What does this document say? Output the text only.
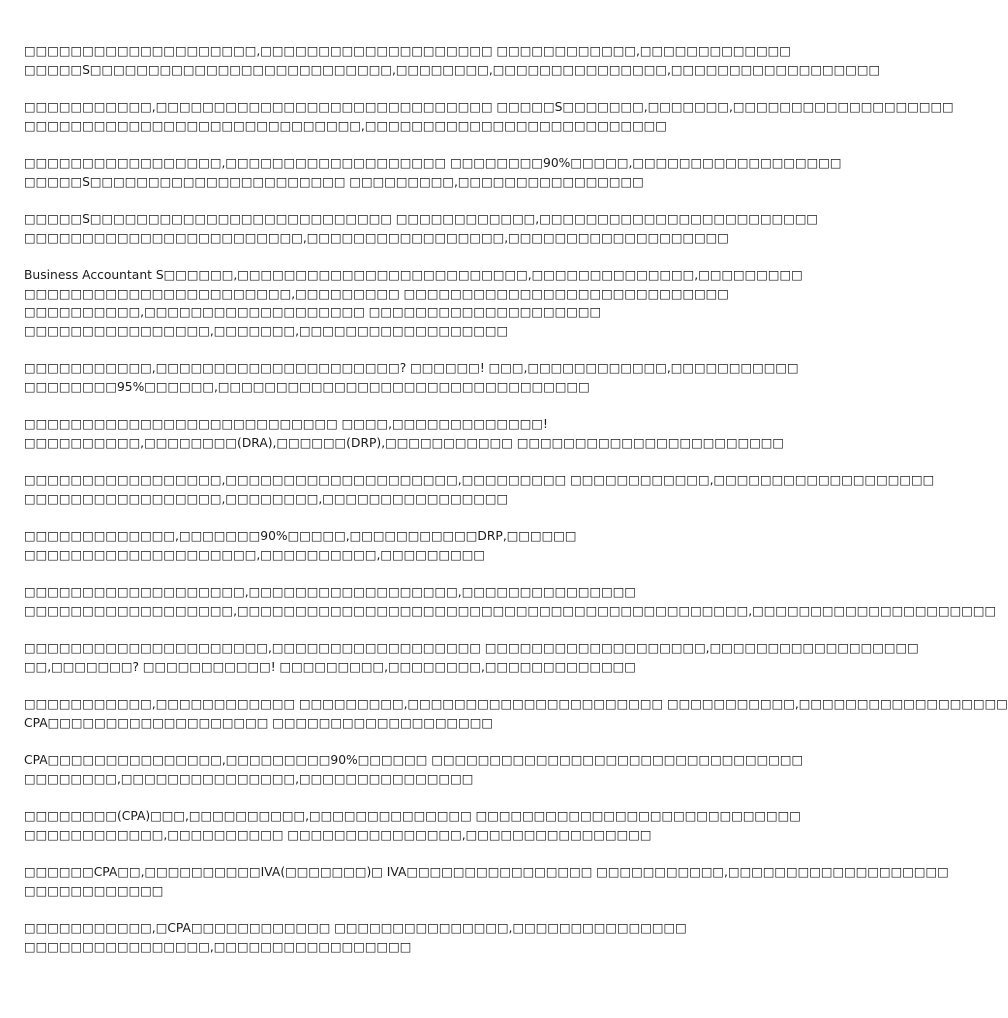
□□□□□□□□□□□□□□□□□□□□,□□□□□□□□□□□□□□□□□□□□ □□□□□□□□□□□□,□□□□□□□□□□□□□
□□□□□S□□□□□□□□□□□□□□□□□□□□□□□□□□,□□□□□□□□,□□□□□□□□□□□□□□□,□□□□□□□□□□□□□□□□□□

□□□□□□□□□□□,□□□□□□□□□□□□□□□□□□□□□□□□□□□□□ □□□□□S□□□□□□□,□□□□□□□,□□□□□□□□□□□□□□□□□□□
□□□□□□□□□□□□□□□□□□□□□□□□□□□□□,□□□□□□□□□□□□□□□□□□□□□□□□□□

□□□□□□□□□□□□□□□□□,□□□□□□□□□□□□□□□□□□□ □□□□□□□□90%□□□□□,□□□□□□□□□□□□□□□□□□
□□□□□S□□□□□□□□□□□□□□□□□□□□□□ □□□□□□□□□,□□□□□□□□□□□□□□□□

□□□□□S□□□□□□□□□□□□□□□□□□□□□□□□□□ □□□□□□□□□□□□,□□□□□□□□□□□□□□□□□□□□□□□□
□□□□□□□□□□□□□□□□□□□□□□□□,□□□□□□□□□□□□□□□□□,□□□□□□□□□□□□□□□□□□□

Business Accountant S□□□□□□,□□□□□□□□□□□□□□□□□□□□□□□□□,□□□□□□□□□□□□□□,□□□□□□□□□
□□□□□□□□□□□□□□□□□□□□□□□,□□□□□□□□□ □□□□□□□□□□□□□□□□□□□□□□□□□□□□
□□□□□□□□□□,□□□□□□□□□□□□□□□□□□□ □□□□□□□□□□□□□□□□□□□□
□□□□□□□□□□□□□□□□,□□□□□□□,□□□□□□□□□□□□□□□□□□

□□□□□□□□□□□,□□□□□□□□□□□□□□□□□□□□□? □□□□□□! □□□,□□□□□□□□□□□□,□□□□□□□□□□□
□□□□□□□□95%□□□□□□,□□□□□□□□□□□□□□□□□□□□□□□□□□□□□□□□

□□□□□□□□□□□□□□□□□□□□□□□□□□□ □□□□,□□□□□□□□□□□□□!
□□□□□□□□□□,□□□□□□□□(DRA),□□□□□□(DRP),□□□□□□□□□□□ □□□□□□□□□□□□□□□□□□□□□□□

□□□□□□□□□□□□□□□□□,□□□□□□□□□□□□□□□□□□□□,□□□□□□□□□ □□□□□□□□□□□□,□□□□□□□□□□□□□□□□□□□
□□□□□□□□□□□□□□□□□,□□□□□□□□,□□□□□□□□□□□□□□□□

□□□□□□□□□□□□□,□□□□□□□90%□□□□□,□□□□□□□□□□□DRP,□□□□□□
□□□□□□□□□□□□□□□□□□□□,□□□□□□□□□□,□□□□□□□□□

□□□□□□□□□□□□□□□□□□□,□□□□□□□□□□□□□□□□□□,□□□□□□□□□□□□□□□
□□□□□□□□□□□□□□□□□□,□□□□□□□□□□□□□□□□□□□□□□□□□□□□□□□□□□□□□□□□□□□□,□□□□□□□□□□□□□□□□□□□□□

□□□□□□□□□□□□□□□□□□□□□,□□□□□□□□□□□□□□□□□□ □□□□□□□□□□□□□□□□□□□,□□□□□□□□□□□□□□□□□□
□□,□□□□□□□? □□□□□□□□□□□! □□□□□□□□□,□□□□□□□□,□□□□□□□□□□□□□

□□□□□□□□□□□,□□□□□□□□□□□□ □□□□□□□□□,□□□□□□□□□□□□□□□□□□□□□□ □□□□□□□□□□□,□□□□□□□□□□□□□□□□□□
CPA□□□□□□□□□□□□□□□□□□□ □□□□□□□□□□□□□□□□□□□

CPA□□□□□□□□□□□□□□□,□□□□□□□□□90%□□□□□□ □□□□□□□□□□□□□□□□□□□□□□□□□□□□□□□□
□□□□□□□□,□□□□□□□□□□□□□□□,□□□□□□□□□□□□□□□

□□□□□□□□(CPA)□□□,□□□□□□□□□□,□□□□□□□□□□□□□□ □□□□□□□□□□□□□□□□□□□□□□□□□□□□
□□□□□□□□□□□□,□□□□□□□□□□ □□□□□□□□□□□□□□□,□□□□□□□□□□□□□□□□

□□□□□□CPA□□,□□□□□□□□□□IVA(□□□□□□□)□ IVA□□□□□□□□□□□□□□□□ □□□□□□□□□□□,□□□□□□□□□□□□□□□□□□□
□□□□□□□□□□□□

□□□□□□□□□□□,□CPA□□□□□□□□□□□□ □□□□□□□□□□□□□□□,□□□□□□□□□□□□□□□
□□□□□□□□□□□□□□□□,□□□□□□□□□□□□□□□□□
